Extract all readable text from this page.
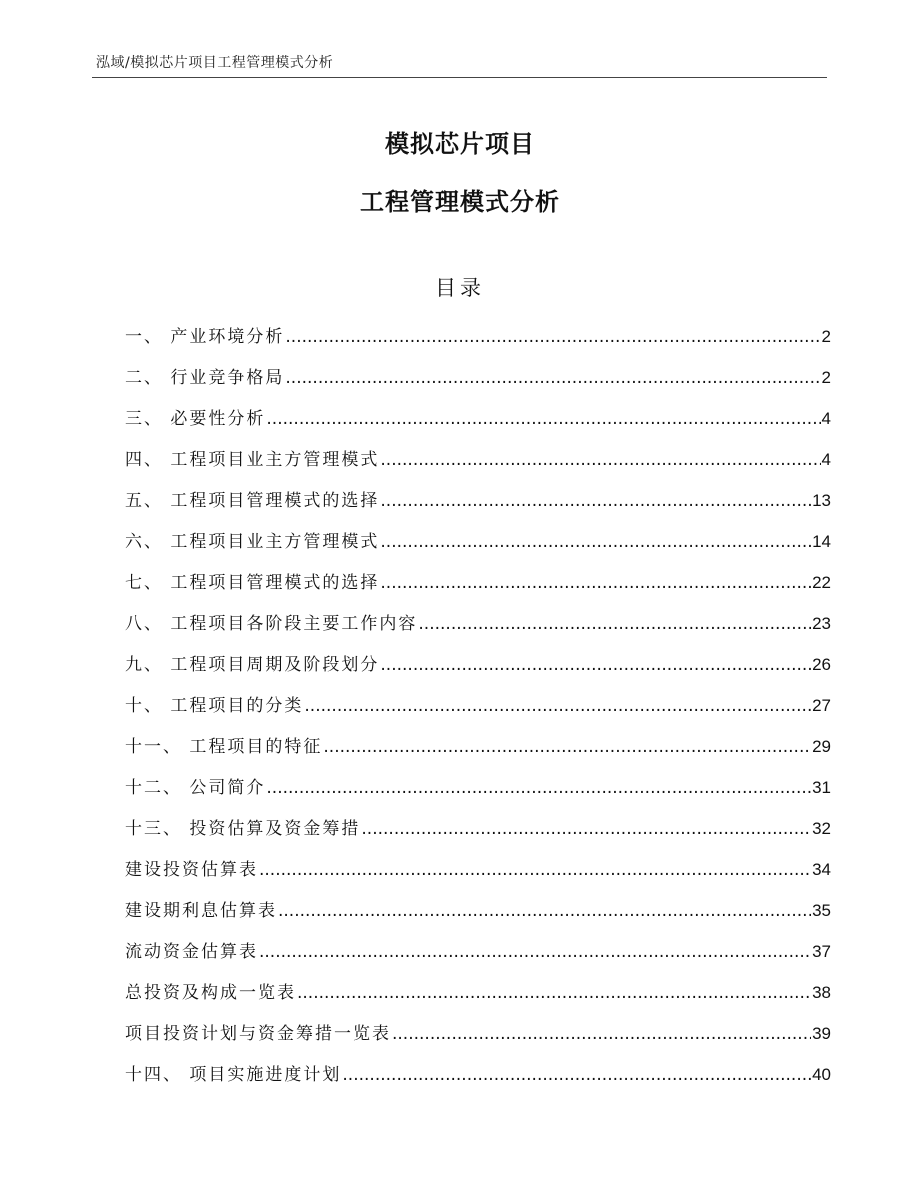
泓域/模拟芯片项目工程管理模式分析
模拟芯片项目
工程管理模式分析
目录
一、 产业环境分析 .....	2
二、 行业竞争格局 .....	2
三、 必要性分析 .....	4
四、 工程项目业主方管理模式 .....	4
五、 工程项目管理模式的选择 .....	13
六、 工程项目业主方管理模式 .....	14
七、 工程项目管理模式的选择 .....	22
八、 工程项目各阶段主要工作内容 .....	23
九、 工程项目周期及阶段划分 .....	26
十、 工程项目的分类 .....	27
十一、 工程项目的特征 .....	29
十二、 公司简介 .....	31
十三、 投资估算及资金筹措 .....	32
建设投资估算表 .....	34
建设期利息估算表 .....	35
流动资金估算表 .....	37
总投资及构成一览表 .....	38
项目投资计划与资金筹措一览表 .....	39
十四、 项目实施进度计划 .....	40
